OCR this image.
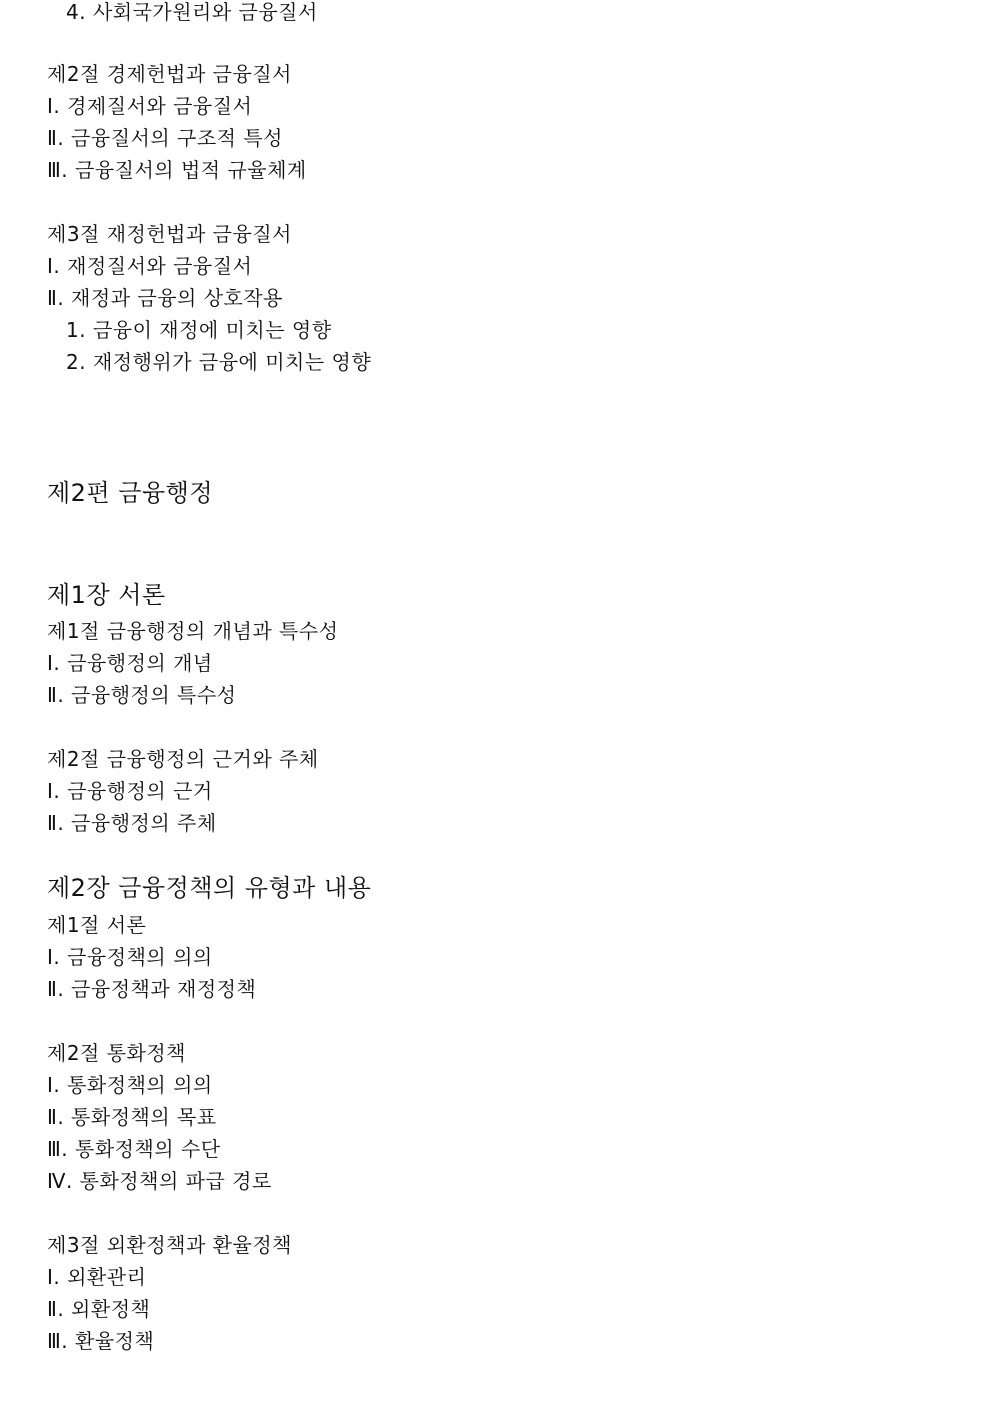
4. 사회국가원리와 금융질서
제2절 경제헌법과 금융질서
Ⅰ. 경제질서와 금융질서
Ⅱ. 금융질서의 구조적 특성
Ⅲ. 금융질서의 법적 규율체계
제3절 재정헌법과 금융질서
Ⅰ. 재정질서와 금융질서
Ⅱ. 재정과 금융의 상호작용
1. 금융이 재정에 미치는 영향
2. 재정행위가 금융에 미치는 영향
제2편 금융행정
제1장 서론
제1절 금융행정의 개념과 특수성
Ⅰ. 금융행정의 개념
Ⅱ. 금융행정의 특수성
제2절 금융행정의 근거와 주체
Ⅰ. 금융행정의 근거
Ⅱ. 금융행정의 주체
제2장 금융정책의 유형과 내용
제1절 서론
Ⅰ. 금융정책의 의의
Ⅱ. 금융정책과 재정정책
제2절 통화정책
Ⅰ. 통화정책의 의의
Ⅱ. 통화정책의 목표
Ⅲ. 통화정책의 수단
Ⅳ. 통화정책의 파급 경로
제3절 외환정책과 환율정책
Ⅰ. 외환관리
Ⅱ. 외환정책
Ⅲ. 환율정책
